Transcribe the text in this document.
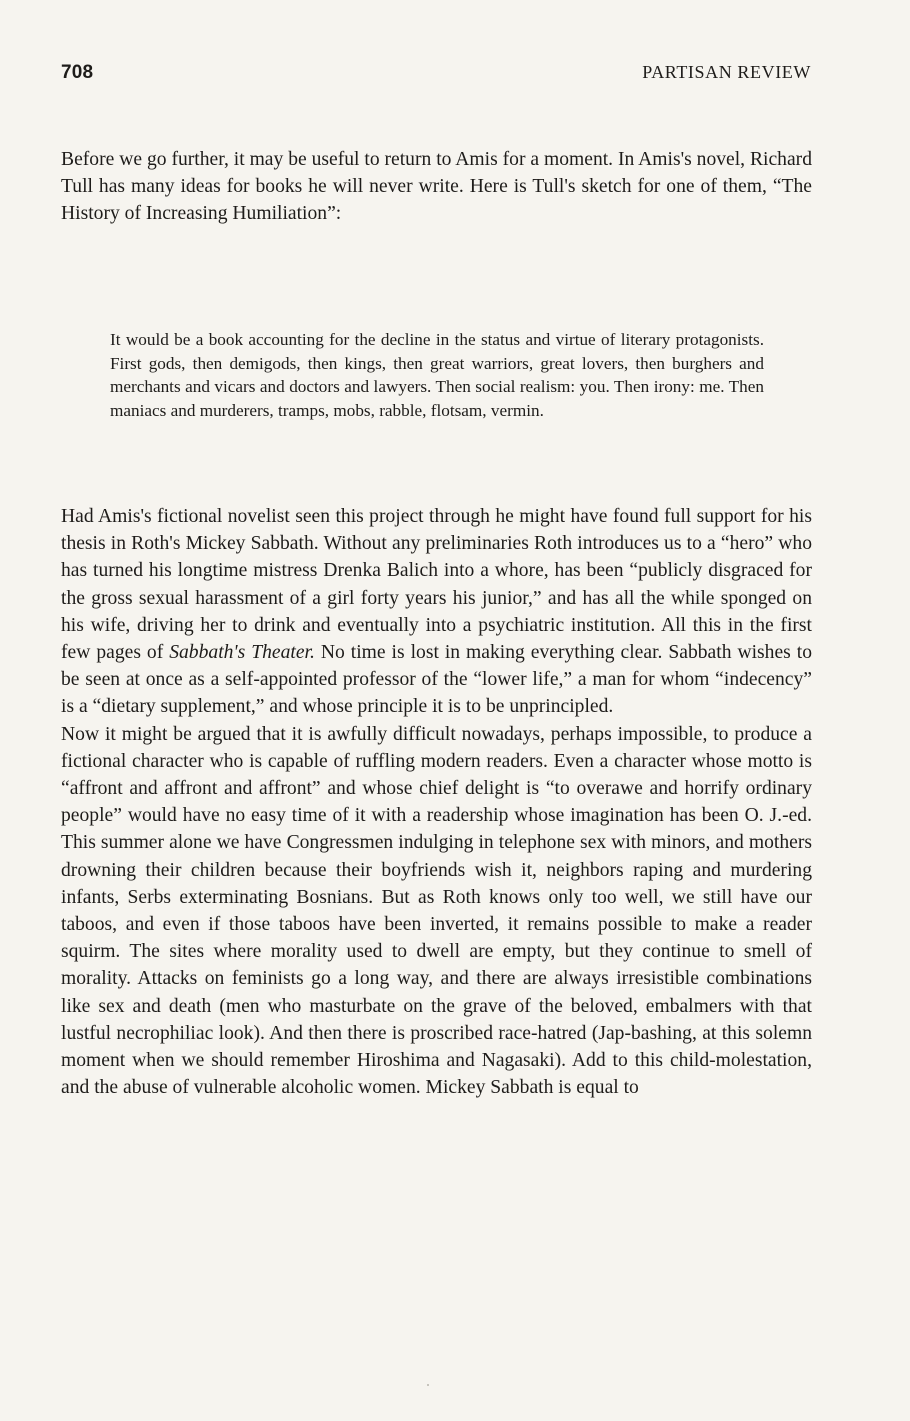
708	PARTISAN REVIEW

Before we go further, it may be useful to return to Amis for a moment. In Amis's novel, Richard Tull has many ideas for books he will never write. Here is Tull's sketch for one of them, “The History of Increasing Humiliation”:

It would be a book accounting for the decline in the status and virtue of literary protagonists. First gods, then demigods, then kings, then great warriors, great lovers, then burghers and merchants and vicars and doctors and lawyers. Then social realism: you. Then irony: me. Then maniacs and murderers, tramps, mobs, rabble, flotsam, vermin.

Had Amis's fictional novelist seen this project through he might have found full support for his thesis in Roth's Mickey Sabbath. Without any preliminaries Roth introduces us to a “hero” who has turned his longtime mistress Drenka Balich into a whore, has been “publicly disgraced for the gross sexual harassment of a girl forty years his junior,” and has all the while sponged on his wife, driving her to drink and eventually into a psychiatric institution. All this in the first few pages of Sabbath's Theater. No time is lost in making everything clear. Sabbath wishes to be seen at once as a self-appointed professor of the “lower life,” a man for whom “indecency” is a “dietary supplement,” and whose principle it is to be unprincipled.

Now it might be argued that it is awfully difficult nowadays, perhaps impossible, to produce a fictional character who is capable of ruffling modern readers. Even a character whose motto is “affront and affront and affront” and whose chief delight is “to overawe and horrify ordinary people” would have no easy time of it with a readership whose imagination has been O. J.-ed. This summer alone we have Congressmen indulging in telephone sex with minors, and mothers drowning their children because their boyfriends wish it, neighbors raping and murdering infants, Serbs exterminating Bosnians. But as Roth knows only too well, we still have our taboos, and even if those taboos have been inverted, it remains possible to make a reader squirm. The sites where morality used to dwell are empty, but they continue to smell of morality. Attacks on feminists go a long way, and there are always irresistible combinations like sex and death (men who masturbate on the grave of the beloved, embalmers with that lustful necrophiliac look). And then there is proscribed race-hatred (Jap-bashing, at this solemn moment when we should remember Hiroshima and Nagasaki). Add to this child-molestation, and the abuse of vulnerable alcoholic women. Mickey Sabbath is equal to
